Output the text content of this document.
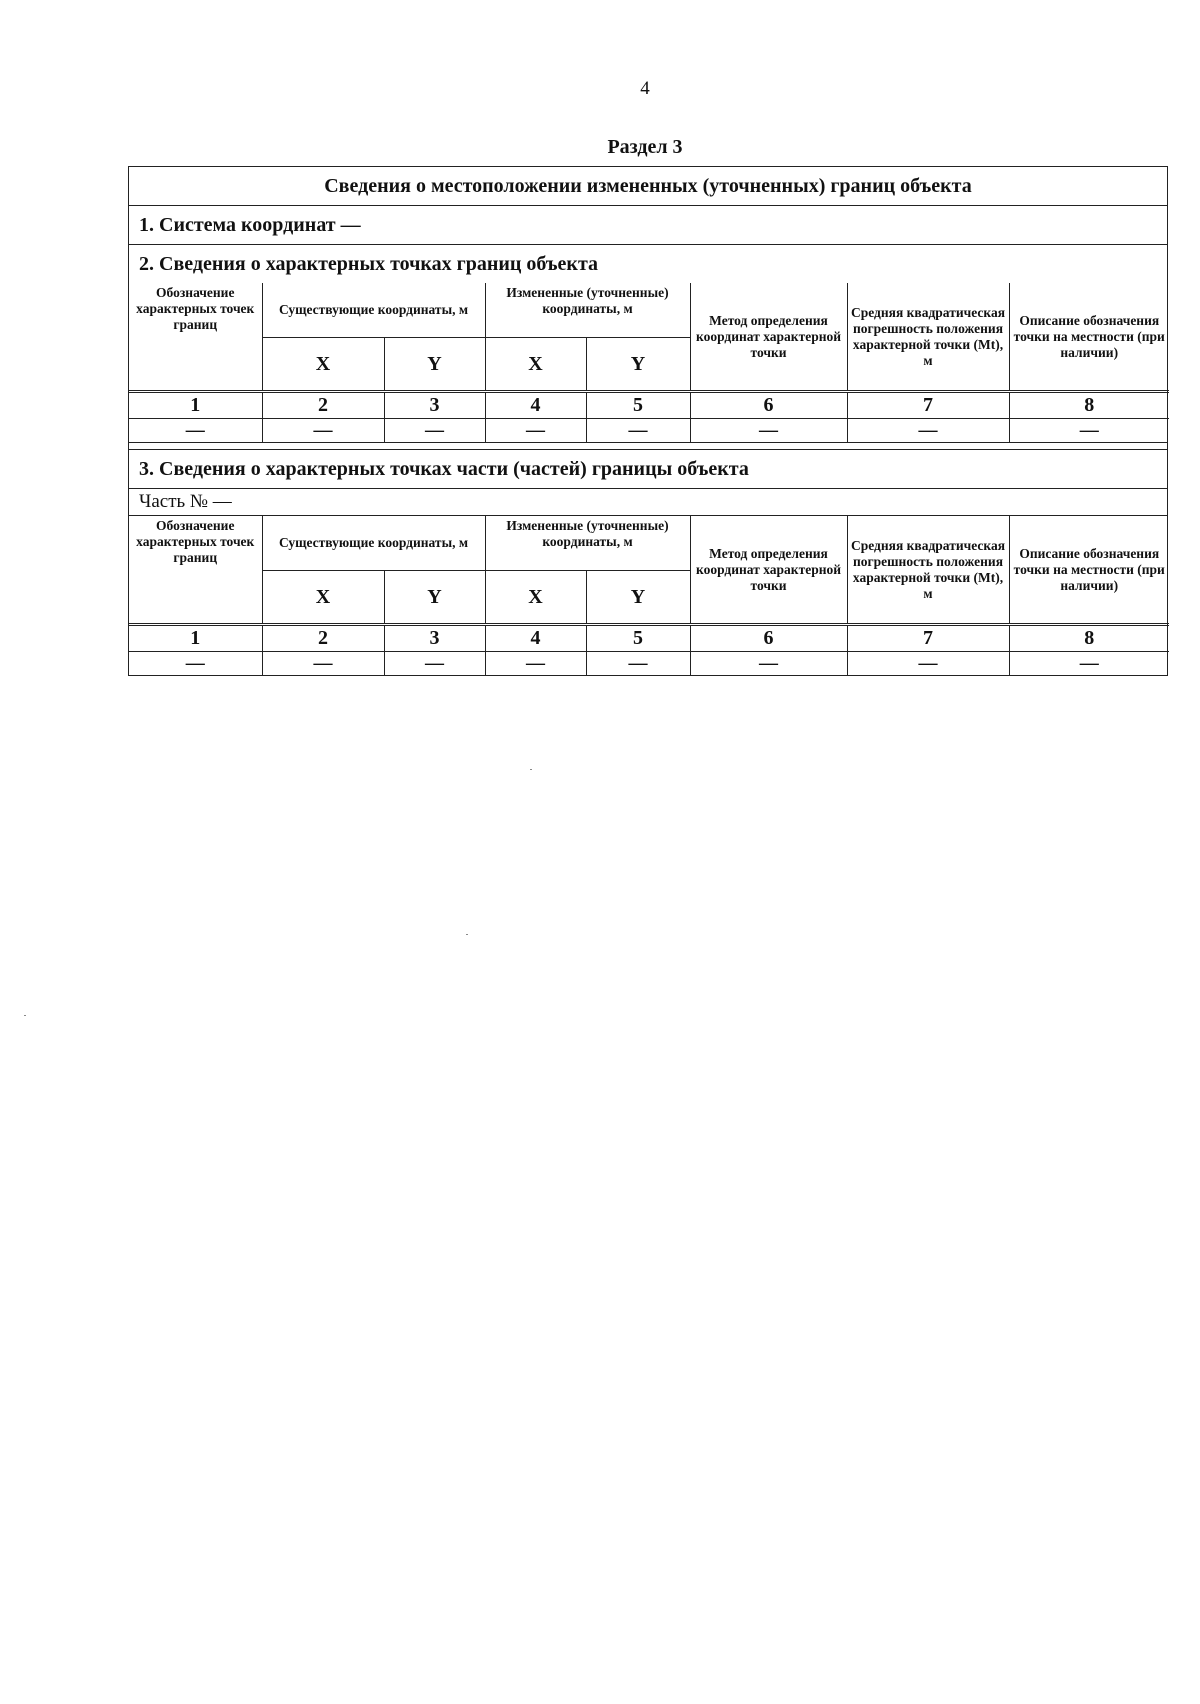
4
Раздел 3
Сведения о местоположении измененных (уточненных) границ объекта
1. Система координат —
2. Сведения о характерных точках границ объекта
Обозначение характерных точек границ	Существующие координаты, м		Измененные (уточненные) координаты, м		Метод определения координат характерной точки	Средняя квадратическая погрешность положения характерной точки (Mt), м	Описание обозначения точки на местности (при наличии)
	X	Y	X	Y			
1	2	3	4	5	6	7	8
—	—	—	—	—	—	—	—
3. Сведения о характерных точках части (частей) границы объекта
Часть № —
Обозначение характерных точек границ	Существующие координаты, м		Измененные (уточненные) координаты, м		Метод определения координат характерной точки	Средняя квадратическая погрешность положения характерной точки (Mt), м	Описание обозначения точки на местности (при наличии)
	X	Y	X	Y			
1	2	3	4	5	6	7	8
—	—	—	—	—	—	—	—
